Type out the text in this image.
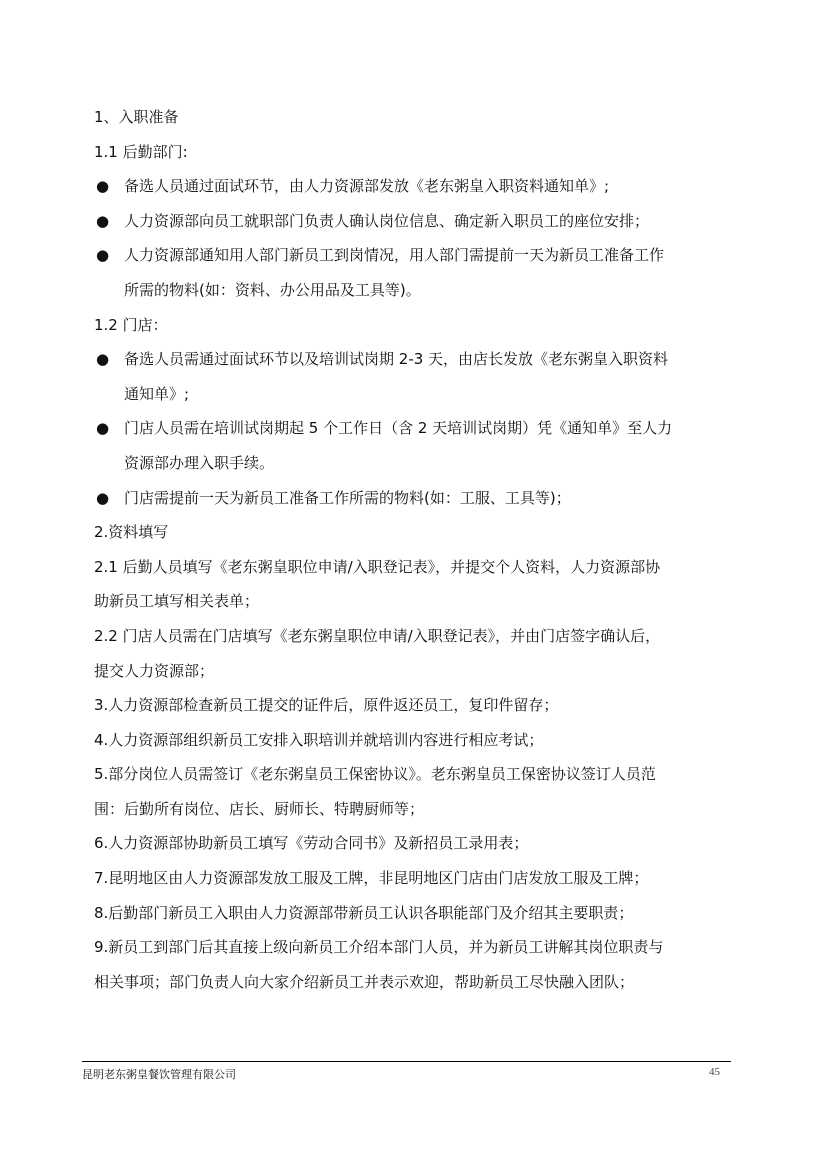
1、入职准备
1.1 后勤部门:
● 备选人员通过面试环节，由人力资源部发放《老东粥皇入职资料通知单》;
● 人力资源部向员工就职部门负责人确认岗位信息、确定新入职员工的座位安排；
● 人力资源部通知用人部门新员工到岗情况，用人部门需提前一天为新员工准备工作
所需的物料(如：资料、办公用品及工具等)。
1.2 门店：
● 备选人员需通过面试环节以及培训试岗期 2-3 天，由店长发放《老东粥皇入职资料
通知单》;
● 门店人员需在培训试岗期起 5 个工作日（含 2 天培训试岗期）凭《通知单》至人力
资源部办理入职手续。
● 门店需提前一天为新员工准备工作所需的物料(如：工服、工具等)；
2.资料填写
2.1 后勤人员填写《老东粥皇职位申请/入职登记表》，并提交个人资料，人力资源部协
助新员工填写相关表单；
2.2 门店人员需在门店填写《老东粥皇职位申请/入职登记表》，并由门店签字确认后，
提交人力资源部；
3.人力资源部检查新员工提交的证件后，原件返还员工，复印件留存；
4.人力资源部组织新员工安排入职培训并就培训内容进行相应考试；
5.部分岗位人员需签订《老东粥皇员工保密协议》。老东粥皇员工保密协议签订人员范
围：后勤所有岗位、店长、厨师长、特聘厨师等；
6.人力资源部协助新员工填写《劳动合同书》及新招员工录用表；
7.昆明地区由人力资源部发放工服及工牌，非昆明地区门店由门店发放工服及工牌；
8.后勤部门新员工入职由人力资源部带新员工认识各职能部门及介绍其主要职责；
9.新员工到部门后其直接上级向新员工介绍本部门人员，并为新员工讲解其岗位职责与
相关事项；部门负责人向大家介绍新员工并表示欢迎，帮助新员工尽快融入团队；
昆明老东粥皇餐饮管理有限公司	45
